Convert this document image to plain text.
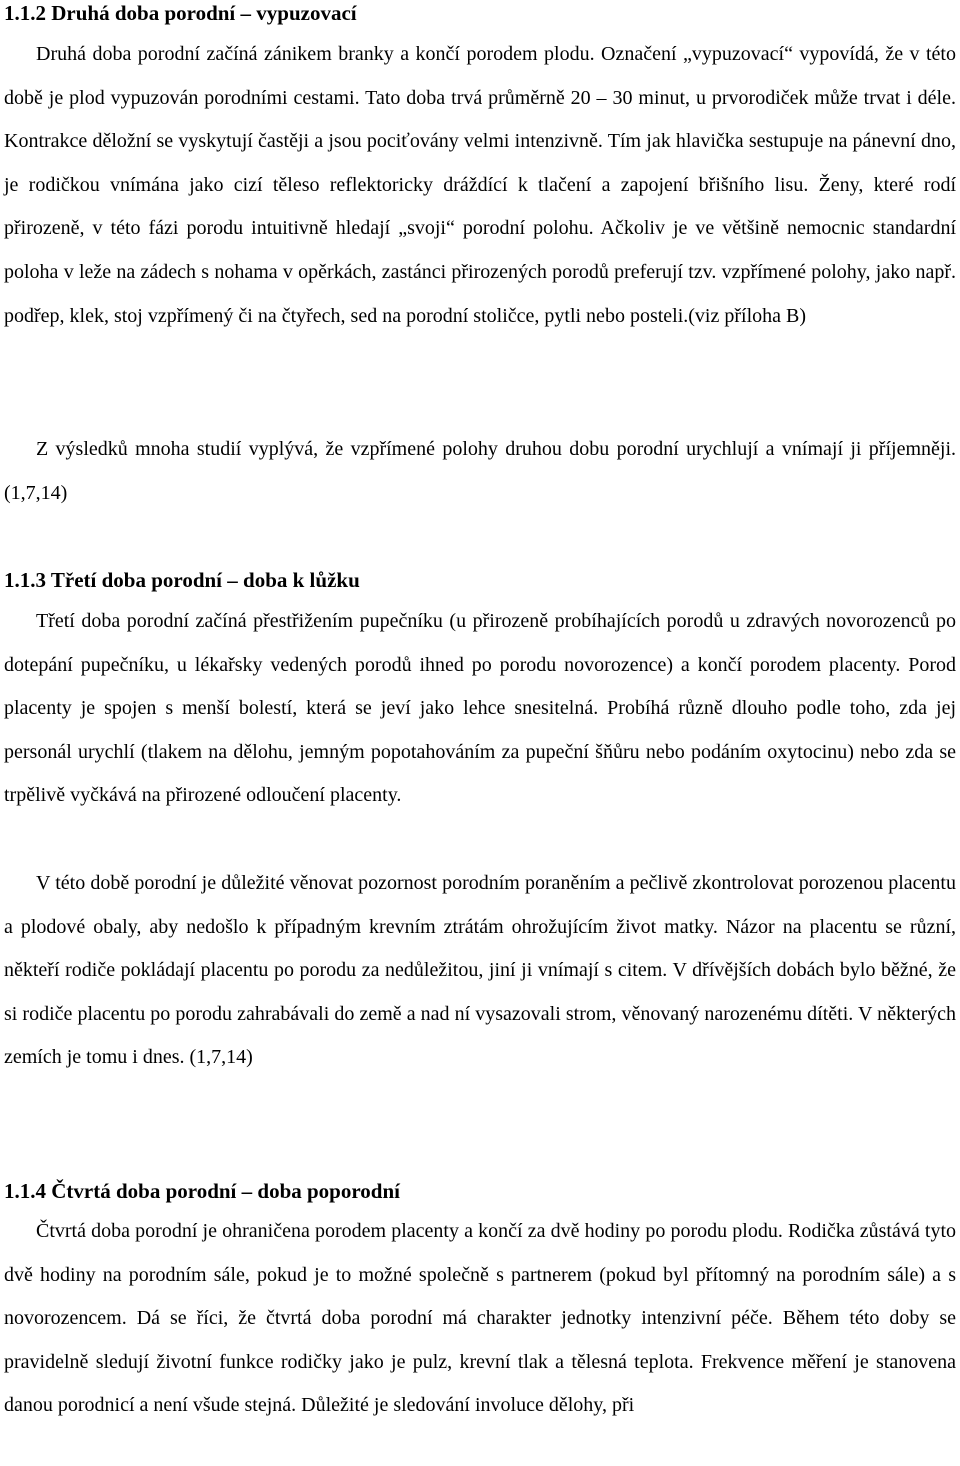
1.1.2 Druhá doba porodní – vypuzovací

Druhá doba porodní začíná zánikem branky a končí porodem plodu. Označení „vypuzovací“ vypovídá, že v této době je plod vypuzován porodními cestami. Tato doba trvá průměrně 20 – 30 minut, u prvorodiček může trvat i déle. Kontrakce děložní se vyskytují častěji a jsou pociťovány velmi intenzivně. Tím jak hlavička sestupuje na pánevní dno, je rodičkou vnímána jako cizí těleso reflektoricky dráždící k tlačení a zapojení břišního lisu. Ženy, které rodí přirozeně, v této fázi porodu intuitivně hledají „svoji“ porodní polohu. Ačkoliv je ve většině nemocnic standardní poloha v leže na zádech s nohama v opěrkách, zastánci přirozených porodů preferují tzv. vzpřímené polohy, jako např. podřep, klek, stoj vzpřímený či na čtyřech, sed na porodní stoličce, pytli nebo posteli.(viz příloha B)

Z výsledků mnoha studií vyplývá, že vzpřímené polohy druhou dobu porodní urychlují a vnímají ji příjemněji. (1,7,14)

1.1.3 Třetí doba porodní – doba k lůžku

Třetí doba porodní začíná přestřižením pupečníku (u přirozeně probíhajících porodů u zdravých novorozenců po dotepání pupečníku, u lékařsky vedených porodů ihned po porodu novorozence) a končí porodem placenty. Porod placenty je spojen s menší bolestí, která se jeví jako lehce snesitelná. Probíhá různě dlouho podle toho, zda jej personál urychlí (tlakem na dělohu, jemným popotahováním za pupeční šňůru nebo podáním oxytocinu) nebo zda se trpělivě vyčkává na přirozené odloučení placenty.

V této době porodní je důležité věnovat pozornost porodním poraněním a pečlivě zkontrolovat porozenou placentu a plodové obaly, aby nedošlo k případným krevním ztrátám ohrožujícím život matky. Názor na placentu se různí, někteří rodiče pokládají placentu po porodu za nedůležitou, jiní ji vnímají s citem. V dřívějších dobách bylo běžné, že si rodiče placentu po porodu zahrabávali do země a nad ní vysazovali strom, věnovaný narozenému dítěti. V některých zemích je tomu i dnes. (1,7,14)

1.1.4 Čtvrtá doba porodní – doba poporodní

Čtvrtá doba porodní je ohraničena porodem placenty a končí za dvě hodiny po porodu plodu. Rodička zůstává tyto dvě hodiny na porodním sále, pokud je to možné společně s partnerem (pokud byl přítomný na porodním sále) a s novorozencem. Dá se říci, že čtvrtá doba porodní má charakter jednotky intenzivní péče. Během této doby se pravidelně sledují životní funkce rodičky jako je pulz, krevní tlak a tělesná teplota. Frekvence měření je stanovena danou porodnicí a není všude stejná. Důležité je sledování involuce dělohy, při
